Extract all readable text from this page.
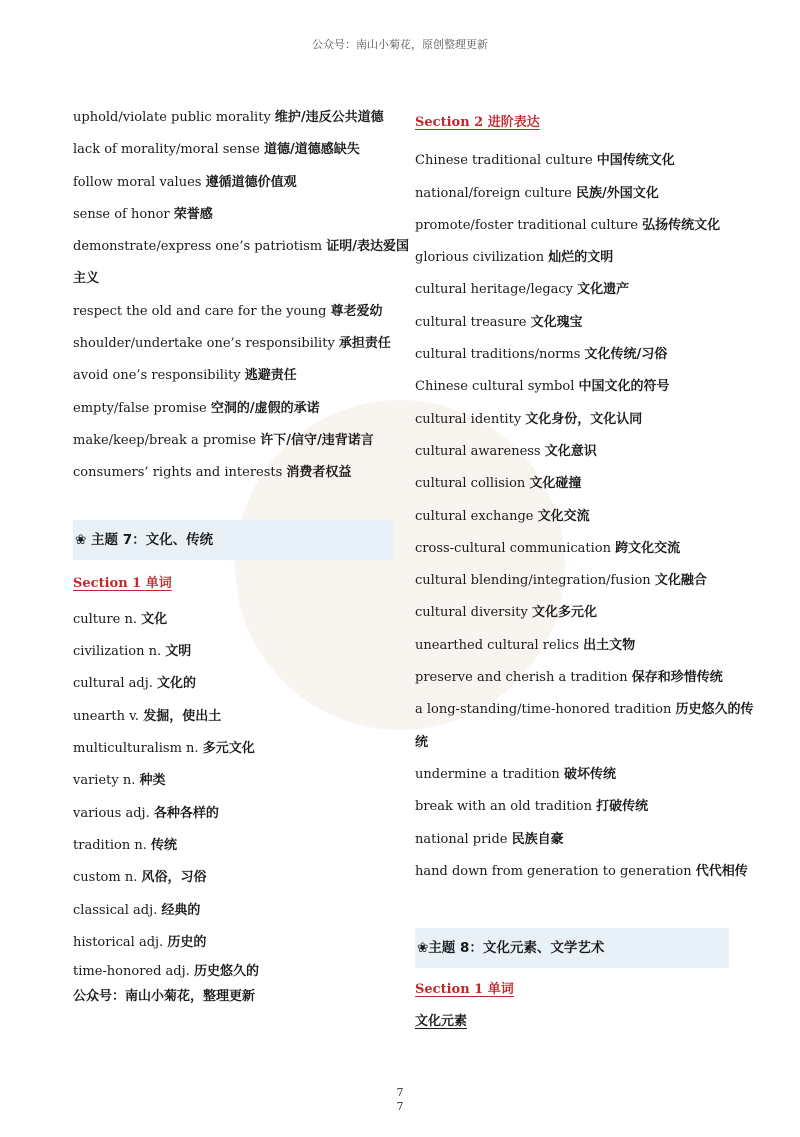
公众号：南山小菊花，原创整理更新
uphold/violate public morality 维护/违反公共道德
lack of morality/moral sense 道德/道德感缺失
follow moral values 遵循道德价值观
sense of honor 荣誉感
demonstrate/express one’s patriotism 证明/表达爱国
主义
respect the old and care for the young 尊老爱幼
shoulder/undertake one’s responsibility 承担责任
avoid one’s responsibility 逃避责任
empty/false promise 空洞的/虚假的承诺
make/keep/break a promise 许下/信守/违背诺言
consumers’ rights and interests 消费者权益
❀ 主题 7：文化、传统
Section 1 单词
culture n. 文化
civilization n. 文明
cultural adj. 文化的
unearth v. 发掘，使出土
multiculturalism n. 多元文化
variety n. 种类
various adj. 各种各样的
tradition n. 传统
custom n. 风俗，习俗
classical adj. 经典的
historical adj. 历史的
time-honored adj. 历史悠久的
公众号：南山小菊花，整理更新
Section 2 进阶表达
Chinese traditional culture 中国传统文化
national/foreign culture 民族/外国文化
promote/foster traditional culture 弘扬传统文化
glorious civilization 灿烂的文明
cultural heritage/legacy 文化遗产
cultural treasure 文化瑰宝
cultural traditions/norms 文化传统/习俗
Chinese cultural symbol 中国文化的符号
cultural identity 文化身份，文化认同
cultural awareness 文化意识
cultural collision 文化碰撞
cultural exchange 文化交流
cross-cultural communication 跨文化交流
cultural blending/integration/fusion 文化融合
cultural diversity 文化多元化
unearthed cultural relics 出土文物
preserve and cherish a tradition 保存和珍惜传统
a long-standing/time-honored tradition 历史悠久的传
统
undermine a tradition 破坏传统
break with an old tradition 打破传统
national pride 民族自豪
hand down from generation to generation 代代相传
❀主题 8：文化元素、文学艺术
Section 1 单词
文化元素
7
7
